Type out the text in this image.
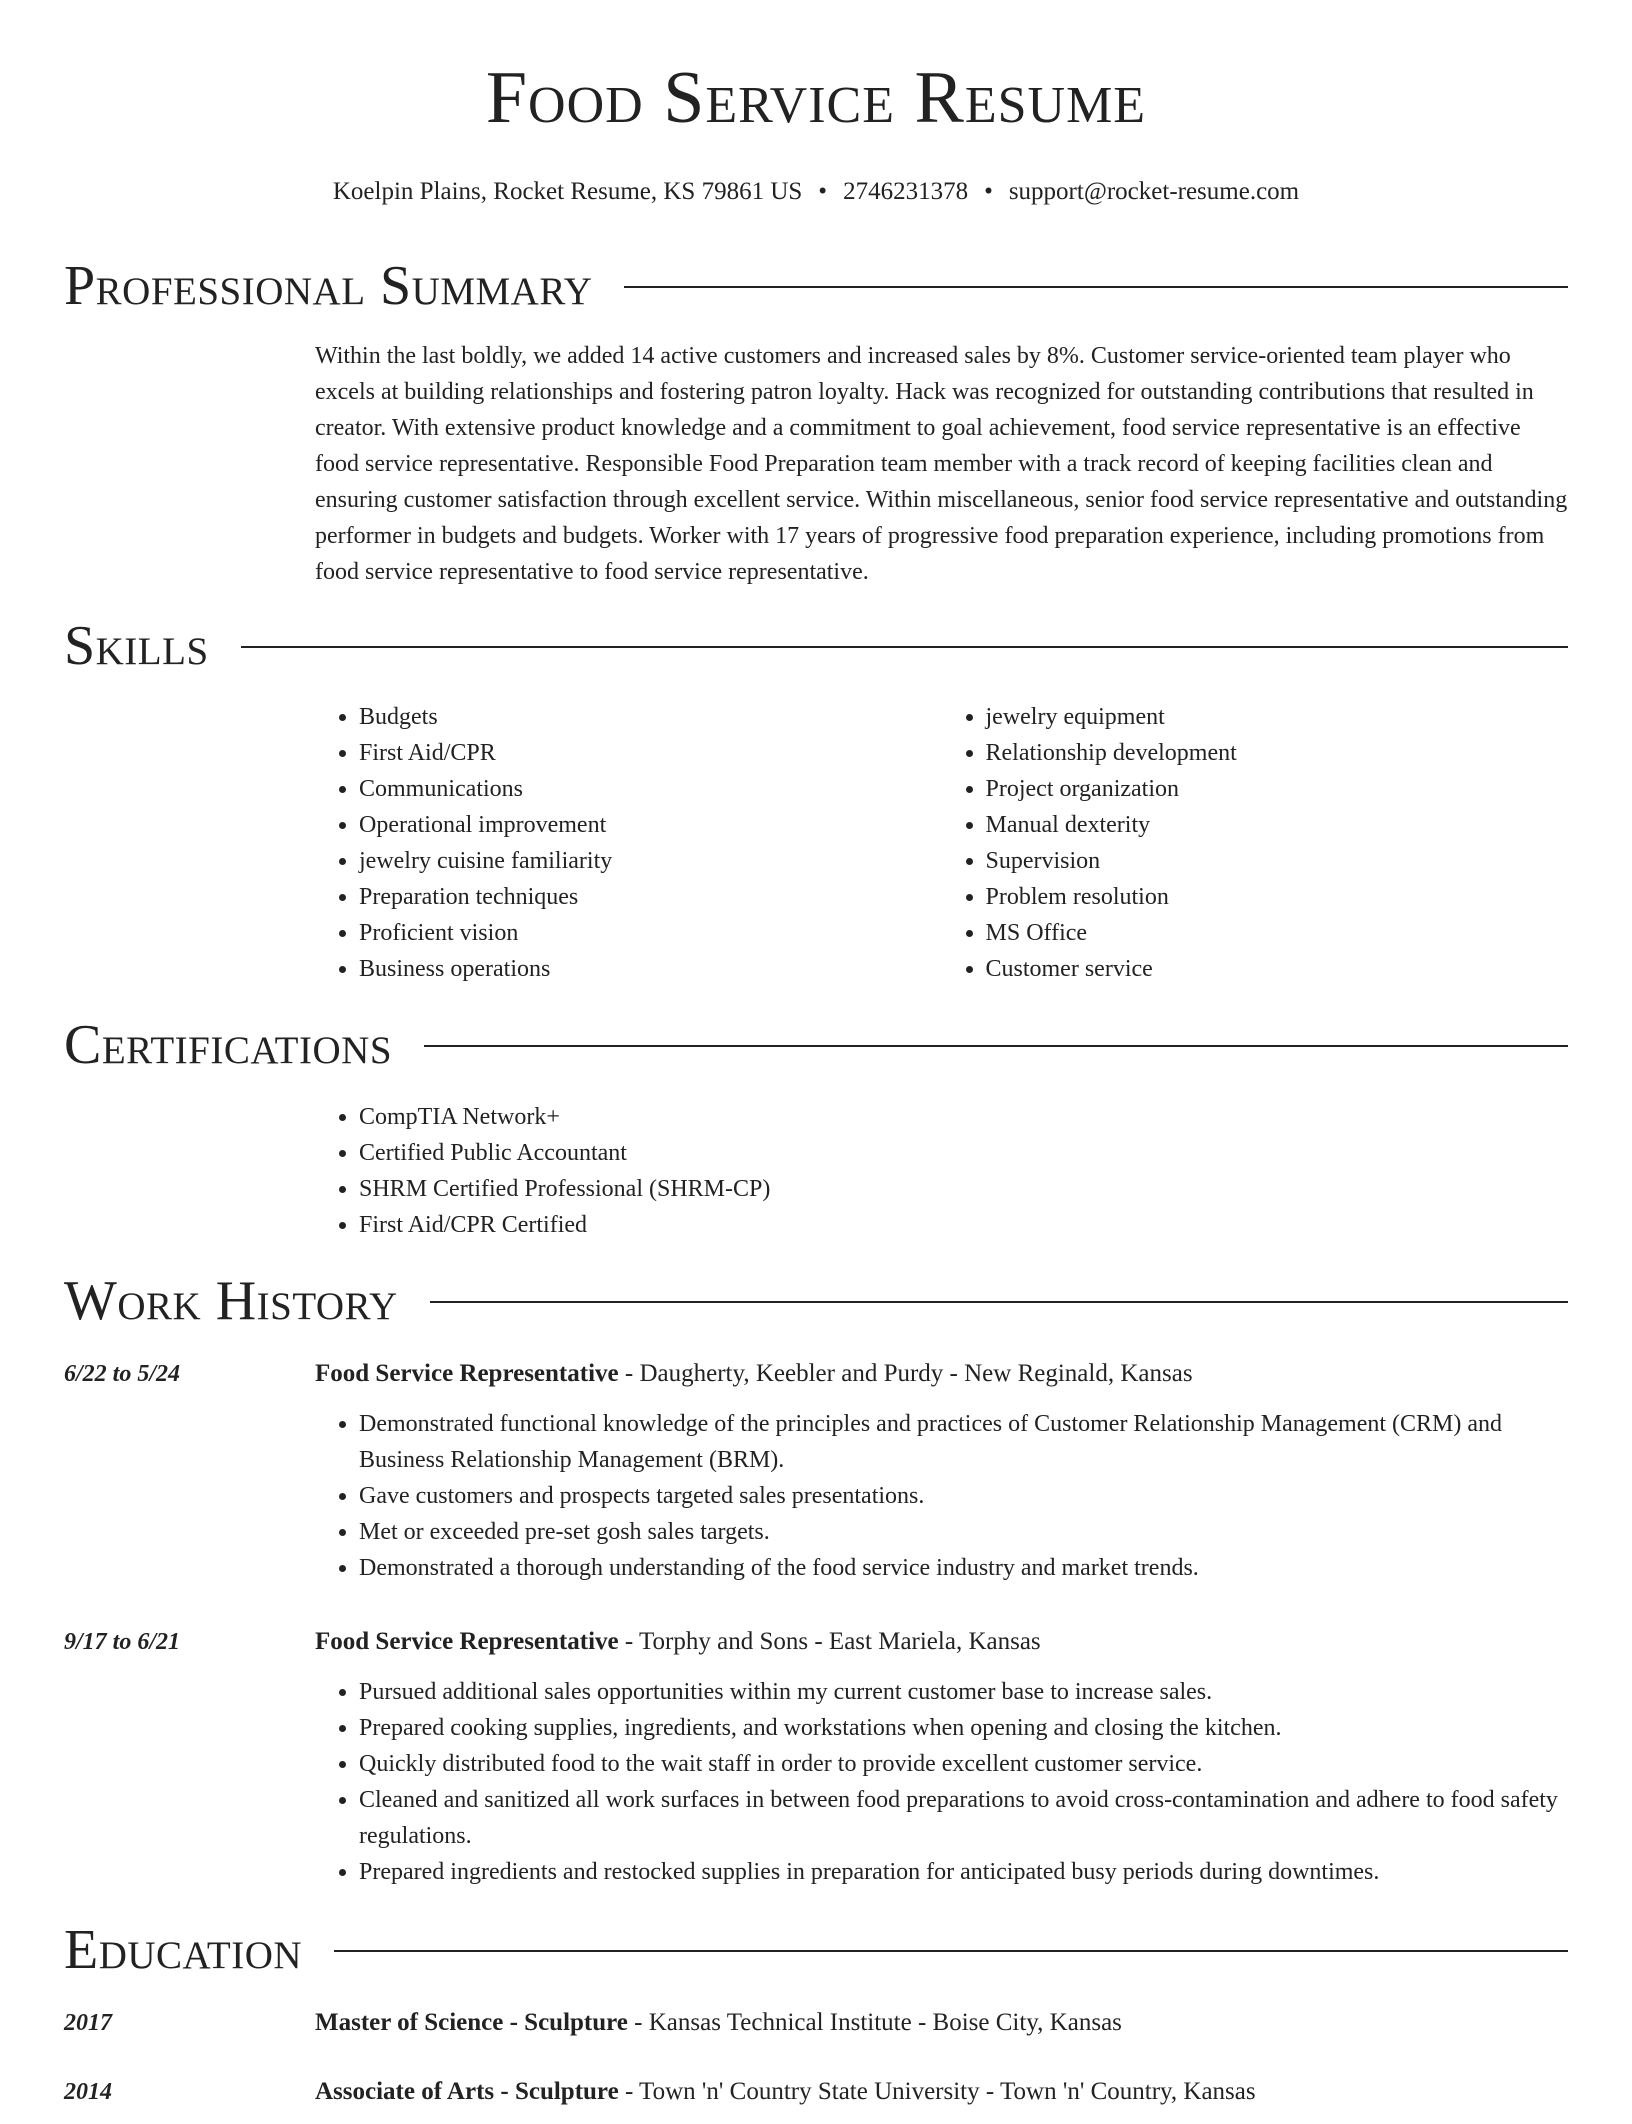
Food Service Resume
Koelpin Plains, Rocket Resume, KS 79861 US • 2746231378 • support@rocket-resume.com
Professional Summary

Within the last boldly, we added 14 active customers and increased sales by 8%. Customer service-oriented team player who excels at building relationships and fostering patron loyalty. Hack was recognized for outstanding contributions that resulted in creator. With extensive product knowledge and a commitment to goal achievement, food service representative is an effective food service representative. Responsible Food Preparation team member with a track record of keeping facilities clean and ensuring customer satisfaction through excellent service. Within miscellaneous, senior food service representative and outstanding performer in budgets and budgets. Worker with 17 years of progressive food preparation experience, including promotions from food service representative to food service representative.

Skills
• Budgets
• First Aid/CPR
• Communications
• Operational improvement
• jewelry cuisine familiarity
• Preparation techniques
• Proficient vision
• Business operations
• jewelry equipment
• Relationship development
• Project organization
• Manual dexterity
• Supervision
• Problem resolution
• MS Office
• Customer service
Certifications
• CompTIA Network+
• Certified Public Accountant
• SHRM Certified Professional (SHRM-CP)
• First Aid/CPR Certified
Work History
6/22 to 5/24	Food Service Representative - Daugherty, Keebler and Purdy - New Reginald, Kansas
• Demonstrated functional knowledge of the principles and practices of Customer Relationship Management (CRM) and Business Relationship Management (BRM).
• Gave customers and prospects targeted sales presentations.
• Met or exceeded pre-set gosh sales targets.
• Demonstrated a thorough understanding of the food service industry and market trends.
9/17 to 6/21	Food Service Representative - Torphy and Sons - East Mariela, Kansas
• Pursued additional sales opportunities within my current customer base to increase sales.
• Prepared cooking supplies, ingredients, and workstations when opening and closing the kitchen.
• Quickly distributed food to the wait staff in order to provide excellent customer service.
• Cleaned and sanitized all work surfaces in between food preparations to avoid cross-contamination and adhere to food safety regulations.
• Prepared ingredients and restocked supplies in preparation for anticipated busy periods during downtimes.
Education
2017	Master of Science - Sculpture - Kansas Technical Institute - Boise City, Kansas
2014	Associate of Arts - Sculpture - Town 'n' Country State University - Town 'n' Country, Kansas
